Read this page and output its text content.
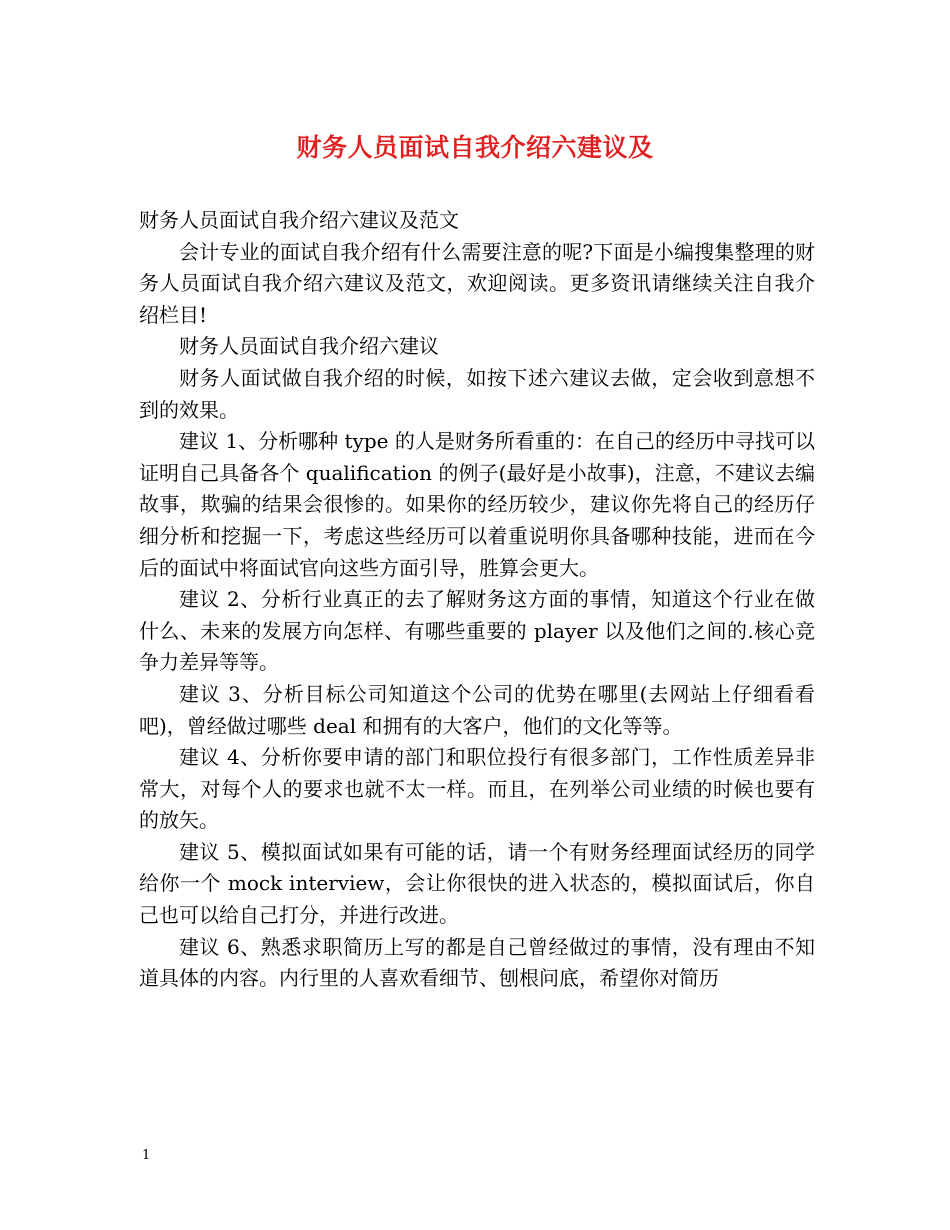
财务人员面试自我介绍六建议及

财务人员面试自我介绍六建议及范文

会计专业的面试自我介绍有什么需要注意的呢?下面是小编搜集整理的财务人员面试自我介绍六建议及范文，欢迎阅读。更多资讯请继续关注自我介绍栏目!

财务人员面试自我介绍六建议

财务人面试做自我介绍的时候，如按下述六建议去做，定会收到意想不到的效果。

建议 1、分析哪种 type 的人是财务所看重的：在自己的经历中寻找可以证明自己具备各个 qualification 的例子(最好是小故事)，注意，不建议去编故事，欺骗的结果会很惨的。如果你的经历较少，建议你先将自己的经历仔细分析和挖掘一下，考虑这些经历可以着重说明你具备哪种技能，进而在今后的面试中将面试官向这些方面引导，胜算会更大。

建议 2、分析行业真正的去了解财务这方面的事情，知道这个行业在做什么、未来的发展方向怎样、有哪些重要的 player 以及他们之间的.核心竞争力差异等等。

建议 3、分析目标公司知道这个公司的优势在哪里(去网站上仔细看看吧)，曾经做过哪些 deal 和拥有的大客户，他们的文化等等。

建议 4、分析你要申请的部门和职位投行有很多部门，工作性质差异非常大，对每个人的要求也就不太一样。而且，在列举公司业绩的时候也要有的放矢。

建议 5、模拟面试如果有可能的话，请一个有财务经理面试经历的同学给你一个 mock interview，会让你很快的进入状态的，模拟面试后，你自己也可以给自己打分，并进行改进。

建议 6、熟悉求职简历上写的都是自己曾经做过的事情，没有理由不知道具体的内容。内行里的人喜欢看细节、刨根问底，希望你对简历

1
